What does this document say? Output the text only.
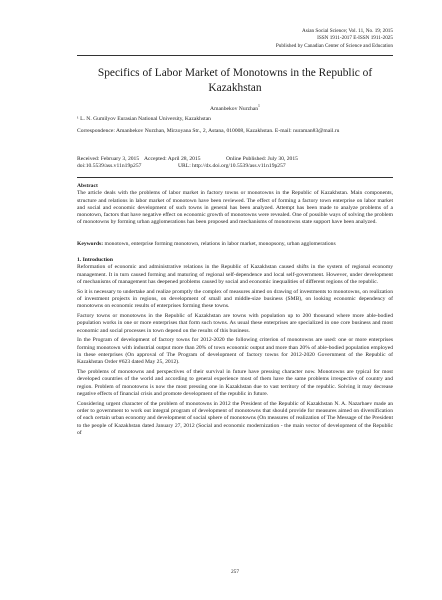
Asian Social Science; Vol. 11, No. 19; 2015
ISSN 1911-2017 E-ISSN 1911-2025
Published by Canadian Center of Science and Education
Specifics of Labor Market of Monotowns in the Republic of Kazakhstan
Amanbekov Nurzhan$^1$
¹ L. N. Gumilyov Eurasian National University, Kazakhstan
Correspondence: Amanbekov Nurzhan, Mirzoyana Str., 2, Astana, 010008, Kazakhstan. E-mail: nuraman83@mail.ru
Received: February 3, 2015 Accepted: April 28, 2015	Online Published: July 30, 2015
doi:10.5539/ass.v11n19p257	URL: http://dx.doi.org/10.5539/ass.v11n19p257
Abstract

The article deals with the problems of labor market in factory towns or monotowns in the Republic of Kazakhstan. Main components, structure and relations in labor market of monotown have been reviewed. The effect of forming a factory town enterprise on labor market and social and economic development of such towns in general has been analyzed. Attempt has been made to analyze problems of a monotown, factors that have negative effect on economic growth of monotowns were revealed. One of possible ways of solving the problem of monotowns by forming urban agglomerations has been proposed and mechanisms of monotowns state support have been analyzed.

Keywords: monotown, enterprise forming monotown, relations in labor market, monopsony, urban agglomerations

1. Introduction

Reformation of economic and administrative relations in the Republic of Kazakhstan caused shifts in the system of regional economy management. It in turn caused forming and maturing of regional self-dependence and local self-government. However, under development of mechanisms of management has deepened problems caused by social and economic inequalities of different regions of the republic.

So it is necessary to undertake and realize promptly the complex of measures aimed on drawing of investments to monotowns, on realization of investment projects in regions, on development of small and middle-size business (SMB), on looking economic dependency of monotowns on economic results of enterprises forming these towns.

Factory towns or monotowns in the Republic of Kazakhstan are towns with population up to 200 thousand where more able-bodied population works in one or more enterprises that form such towns. As usual these enterprises are specialized in one core business and most economic and social processes in town depend on the results of this business.

In the Program of development of factory towns for 2012-2020 the following criterion of monotowns are used: one or more enterprises forming monotown with industrial output more than 20% of town economic output and more than 20% of able-bodied population employed in these enterprises (On approval of The Program of development of factory towns for 2012-2020 Government of the Republic of Kazakhstan Order #623 dated May 25, 2012).

The problems of monotowns and perspectives of their survival in future have pressing character now. Monotowns are typical for most developed countries of the world and according to general experience most of them have the same problems irrespective of country and region. Problem of monotowns is now the most pressing one in Kazakhstan due to vast territory of the republic. Solving it may decrease negative effects of financial crisis and promote development of the republic in future.

Considering urgent character of the problem of monotowns in 2012 the President of the Republic of Kazakhstan N. A. Nazarbaev made an order to government to work out integral program of development of monotowns that should provide for measures aimed on diversification of each certain urban economy and development of social sphere of monotowns (On measures of realization of The Message of the President to the people of Kazakhstan dated January 27, 2012 (Social and economic modernization - the main vector of development of the Republic of

257
